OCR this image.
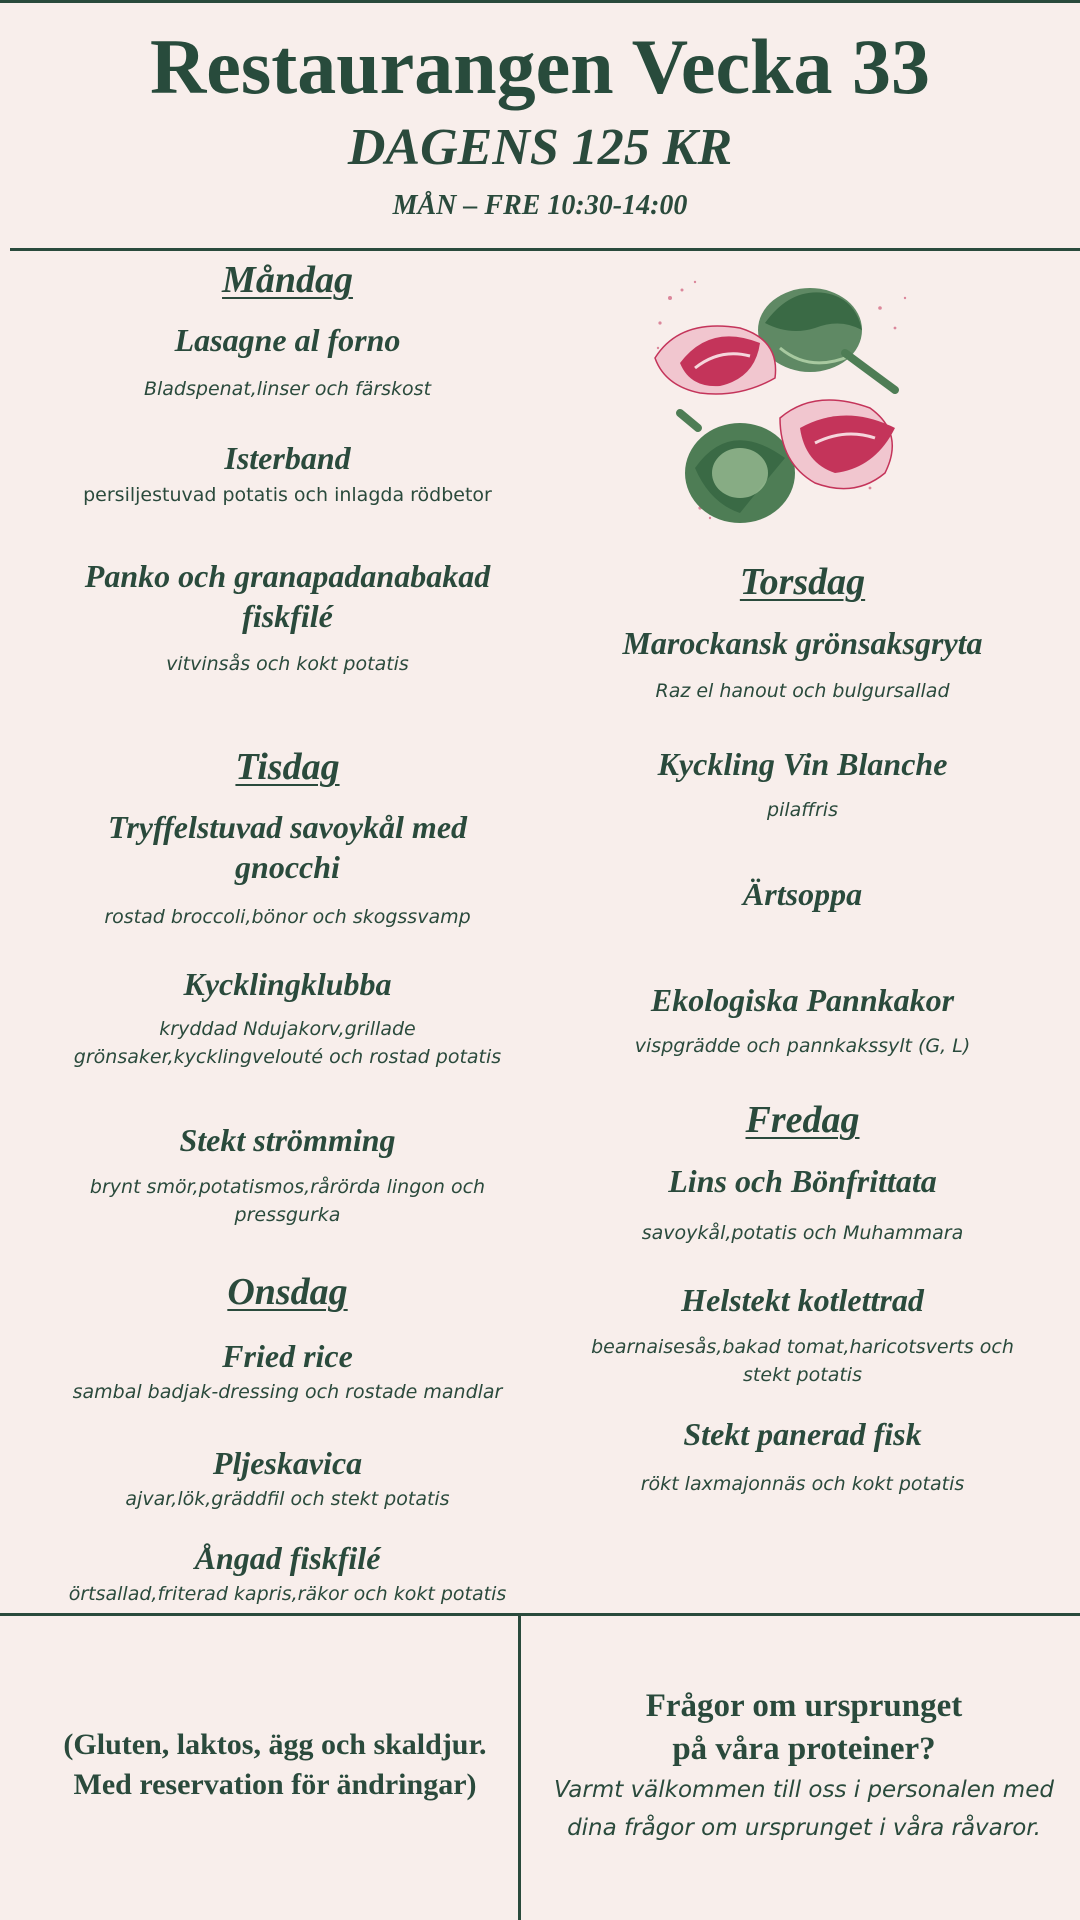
Restaurangen Vecka 33
DAGENS 125 KR
MÅN – FRE 10:30-14:00
Måndag
Lasagne al forno
Bladspenat,linser och färskost
Isterband
persiljestuvad potatis och inlagda rödbetor
Panko och granapadanabakad fiskfilé
vitvinsås och kokt potatis
Tisdag
Tryffelstuvad savoykål med gnocchi
rostad broccoli,bönor och skogssvamp
Kycklingklubba
kryddad Ndujakorv,grillade grönsaker,kycklingvelouté och rostad potatis
Stekt strömming
brynt smör,potatismos,rårörda lingon och pressgurka
Onsdag
Fried rice
sambal badjak-dressing och rostade mandlar
Pljeskavica
ajvar,lök,gräddfil och stekt potatis
Ångad fiskfilé
örtsallad,friterad kapris,räkor och kokt potatis
Torsdag
Marockansk grönsaksgryta
Raz el hanout och bulgursallad
Kyckling Vin Blanche
pilaffris
Ärtsoppa
Ekologiska Pannkakor
vispgrädde och pannkakssylt (G, L)
Fredag
Lins och Bönfrittata
savoykål,potatis och Muhammara
Helstekt kotlettrad
bearnaisesås,bakad tomat,haricotsverts och stekt potatis
Stekt panerad fisk
rökt laxmajonnäs och kokt potatis
(Gluten, laktos, ägg och skaldjur.
Med reservation för ändringar)
Frågor om ursprunget
på våra proteiner?
Varmt välkommen till oss i personalen med
dina frågor om ursprunget i våra råvaror.
